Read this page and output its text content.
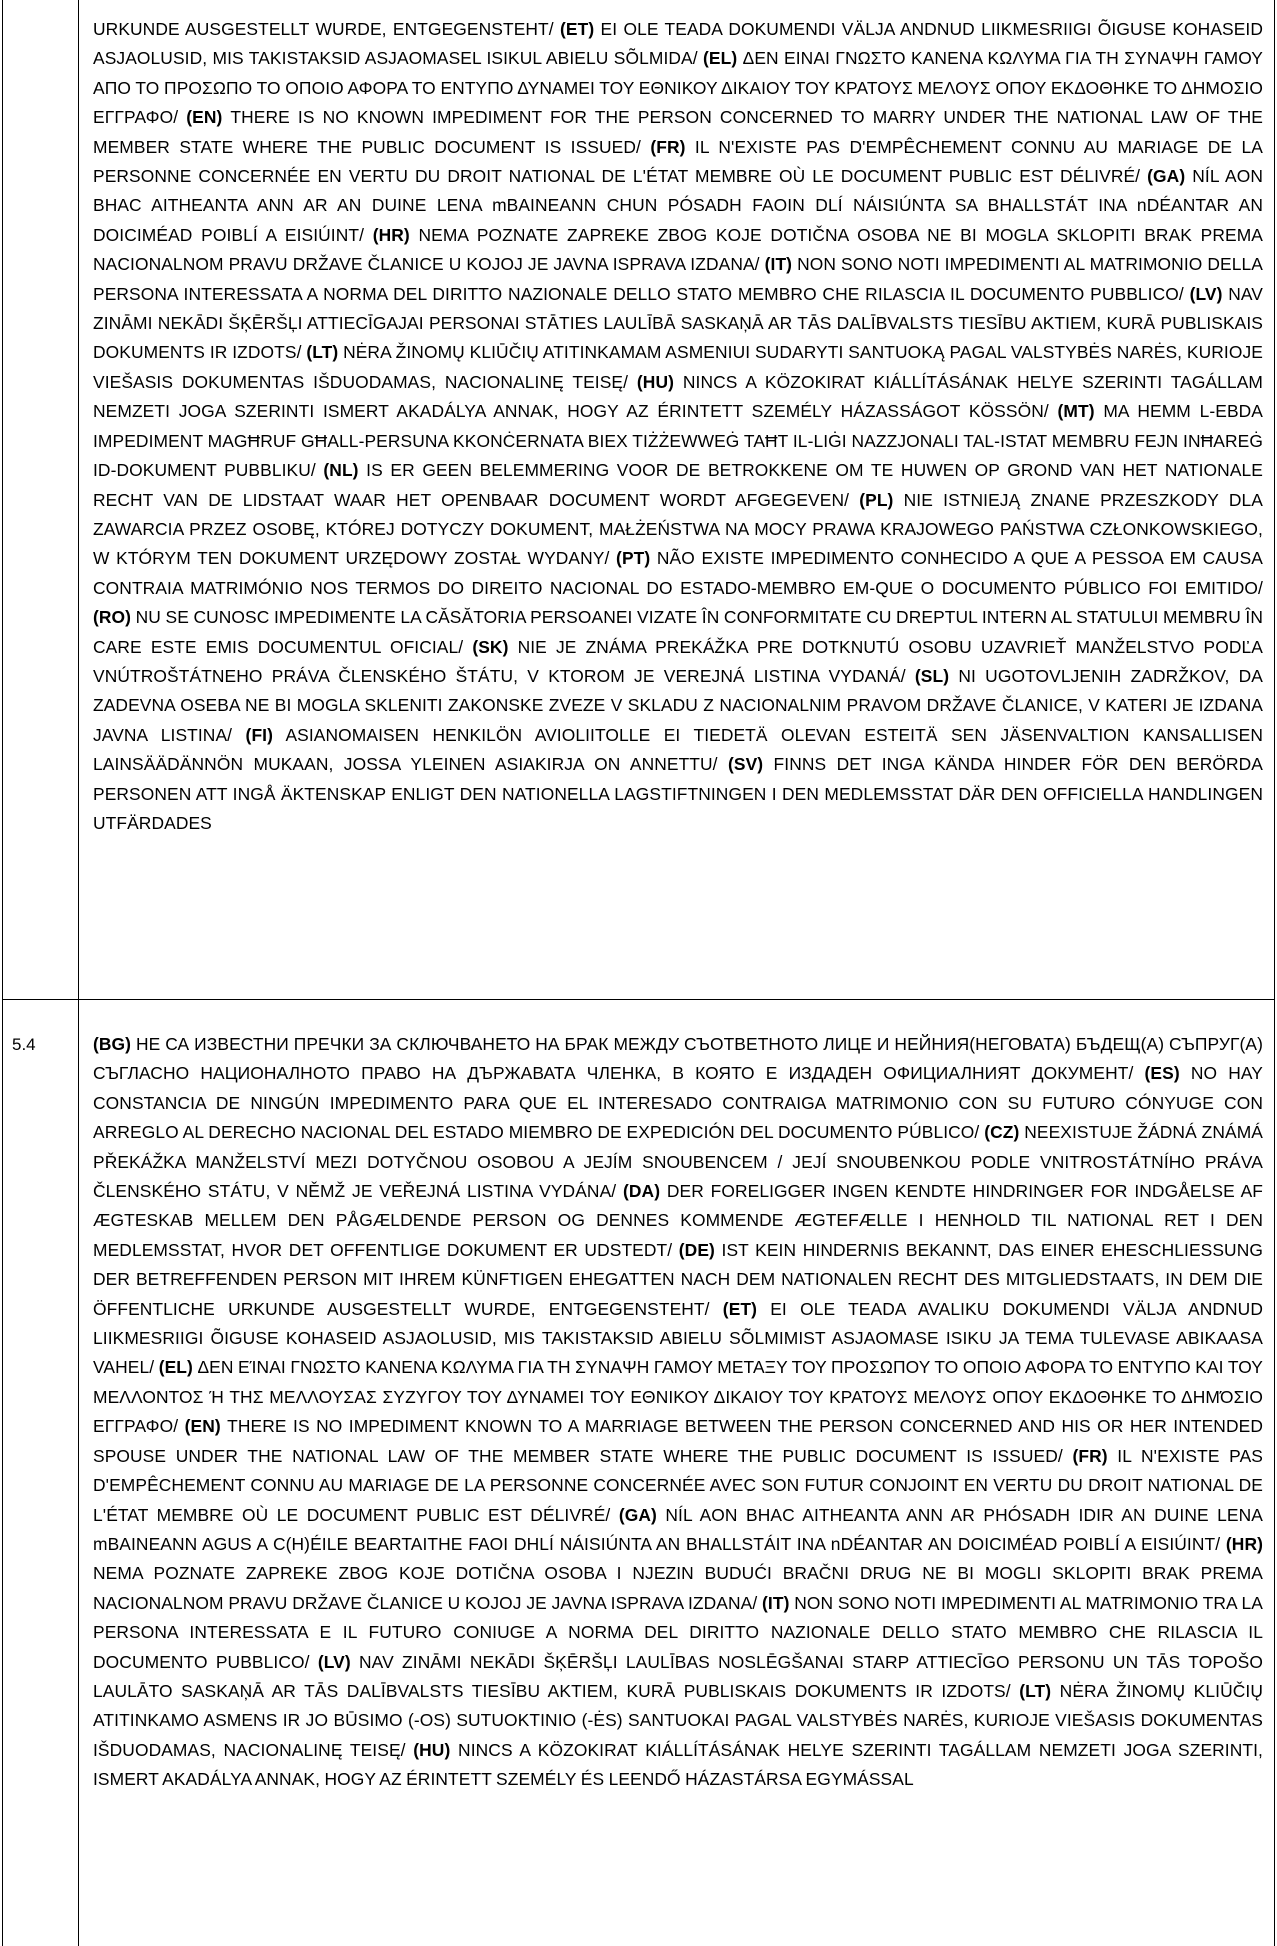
URKUNDE AUSGESTELLT WURDE, ENTGEGENSTEHT/ (ET) EI OLE TEADA DOKUMENDI VÄLJA ANDNUD LIIKMESRIIGI ÕIGUSE KOHASEID ASJAOLUSID, MIS TAKISTAKSID ASJAOMASEL ISIKUL ABIELU SÕLMIDA/ (EL) ΔΕΝ ΕΙΝΑΙ ΓΝΩΣΤΟ ΚΑΝΕΝΑ ΚΩΛΥΜΑ ΓΙΑ ΤΗ ΣΥΝΑΨΗ ΓΑΜΟΥ ΑΠΟ ΤΟ ΠΡΟΣΩΠΟ ΤΟ ΟΠΟΙΟ ΑΦΟΡΑ ΤΟ ΕΝΤΥΠΟ ΔΥΝΑΜΕΙ ΤΟΥ ΕΘΝΙΚΟΥ ΔΙΚΑΙΟΥ ΤΟΥ ΚΡΑΤΟΥΣ ΜΕΛΟΥΣ ΟΠΟΥ ΕΚΔΟΘΗΚΕ ΤΟ ΔΗΜΟΣΙΟ ΕΓΓΡΑΦΟ/ (EN) THERE IS NO KNOWN IMPEDIMENT FOR THE PERSON CONCERNED TO MARRY UNDER THE NATIONAL LAW OF THE MEMBER STATE WHERE THE PUBLIC DOCUMENT IS ISSUED/ (FR) IL N'EXISTE PAS D'EMPÊCHEMENT CONNU AU MARIAGE DE LA PERSONNE CONCERNÉE EN VERTU DU DROIT NATIONAL DE L'ÉTAT MEMBRE OÙ LE DOCUMENT PUBLIC EST DÉLIVRÉ/ (GA) NÍL AON BHAC AITHEANTA ANN AR AN DUINE LENA mBAINEANN CHUN PÓSADH FAOIN DLÍ NÁISIÚNTA SA BHALLSTÁT INA nDÉANTAR AN DOICIMÉAD POIBLÍ A EISIÚINT/ (HR) NEMA POZNATE ZAPREKE ZBOG KOJE DOTIČNA OSOBA NE BI MOGLA SKLOPITI BRAK PREMA NACIONALNOM PRAVU DRŽAVE ČLANICE U KOJOJ JE JAVNA ISPRAVA IZDANA/ (IT) NON SONO NOTI IMPEDIMENTI AL MATRIMONIO DELLA PERSONA INTERESSATA A NORMA DEL DIRITTO NAZIONALE DELLO STATO MEMBRO CHE RILASCIA IL DOCUMENTO PUBBLICO/ (LV) NAV ZINĀMI NEKĀDI ŠĶĒRŠĻI ATTIECĪGAJAI PERSONAI STĀTIES LAULĪBĀ SASKAŅĀ AR TĀS DALĪBVALSTS TIESĪBU AKTIEM, KURĀ PUBLISKAIS DOKUMENTS IR IZDOTS/ (LT) NĖRA ŽINOMŲ KLIŪČIŲ ATITINKAMAM ASMENIUI SUDARYTI SANTUOKĄ PAGAL VALSTYBĖS NARĖS, KURIOJE VIEŠASIS DOKUMENTAS IŠDUODAMAS, NACIONALINĘ TEISĘ/ (HU) NINCS A KÖZOKIRAT KIÁLLÍTÁSÁNAK HELYE SZERINTI TAGÁLLAM NEMZETI JOGA SZERINTI ISMERT AKADÁLYA ANNAK, HOGY AZ ÉRINTETT SZEMÉLY HÁZASSÁGOT KÖSSÖN/ (MT) MA HEMM L-EBDA IMPEDIMENT MAGĦRUF GĦALL-PERSUNA KKONĊERNATA BIEX TIŻŻEWWEĠ TAĦT IL-LIĠI NAZZJONALI TAL-ISTAT MEMBRU FEJN INĦAREĠ ID-DOKUMENT PUBBLIKU/ (NL) IS ER GEEN BELEMMERING VOOR DE BETROKKENE OM TE HUWEN OP GROND VAN HET NATIONALE RECHT VAN DE LIDSTAAT WAAR HET OPENBAAR DOCUMENT WORDT AFGEGEVEN/ (PL) NIE ISTNIEJĄ ZNANE PRZESZKODY DLA ZAWARCIA PRZEZ OSOBĘ, KTÓREJ DOTYCZY DOKUMENT, MAŁŻEŃSTWA NA MOCY PRAWA KRAJOWEGO PAŃSTWA CZŁONKOWSKIEGO, W KTÓRYM TEN DOKUMENT URZĘDOWY ZOSTAŁ WYDANY/ (PT) NÃO EXISTE IMPEDIMENTO CONHECIDO A QUE A PESSOA EM CAUSA CONTRAIA MATRIMÓNIO NOS TERMOS DO DIREITO NACIONAL DO ESTADO-MEMBRO EM-QUE O DOCUMENTO PÚBLICO FOI EMITIDO/ (RO) NU SE CUNOSC IMPEDIMENTE LA CĂSĂTORIA PERSOANEI VIZATE ÎN CONFORMITATE CU DREPTUL INTERN AL STATULUI MEMBRU ÎN CARE ESTE EMIS DOCUMENTUL OFICIAL/ (SK) NIE JE ZNÁMA PREKÁŽKA PRE DOTKNUTÚ OSOBU UZAVRIEŤ MANŽELSTVO PODĽA VNÚTROŠTÁTNEHO PRÁVA ČLENSKÉHO ŠTÁTU, V KTOROM JE VEREJNÁ LISTINA VYDANÁ/ (SL) NI UGOTOVLJENIH ZADRŽKOV, DA ZADEVNA OSEBA NE BI MOGLA SKLENITI ZAKONSKE ZVEZE V SKLADU Z NACIONALNIM PRAVOM DRŽAVE ČLANICE, V KATERI JE IZDANA JAVNA LISTINA/ (FI) ASIANOMAISEN HENKILÖN AVIOLIITOLLE EI TIEDETÄ OLEVAN ESTEITÄ SEN JÄSENVALTION KANSALLISEN LAINSÄÄDÄNNÖN MUKAAN, JOSSA YLEINEN ASIAKIRJA ON ANNETTU/ (SV) FINNS DET INGA KÄNDA HINDER FÖR DEN BERÖRDA PERSONEN ATT INGÅ ÄKTENSKAP ENLIGT DEN NATIONELLA LAGSTIFTNINGEN I DEN MEDLEMSSTAT DÄR DEN OFFICIELLA HANDLINGEN UTFÄRDADES

5.4	(BG) НЕ СА ИЗВЕСТНИ ПРЕЧКИ ЗА СКЛЮЧВАНЕТО НА БРАК МЕЖДУ СЪОТВЕТНОТО ЛИЦЕ И НЕЙНИЯ(НЕГОВАТА) БЪДЕЩ(А) СЪПРУГ(А) СЪГЛАСНО НАЦИОНАЛНОТО ПРАВО НА ДЪРЖАВАТА ЧЛЕНКА, В КОЯТО Е ИЗДАДЕН ОФИЦИАЛНИЯТ ДОКУМЕНТ/ (ES) NO HAY CONSTANCIA DE NINGÚN IMPEDIMENTO PARA QUE EL INTERESADO CONTRAIGA MATRIMONIO CON SU FUTURO CÓNYUGE CON ARREGLO AL DERECHO NACIONAL DEL ESTADO MIEMBRO DE EXPEDICIÓN DEL DOCUMENTO PÚBLICO/ (CZ) NEEXISTUJE ŽÁDNÁ ZNÁMÁ PŘEKÁŽKA MANŽELSTVÍ MEZI DOTYČNOU OSOBOU A JEJÍM SNOUBENCEM / JEJÍ SNOUBENKOU PODLE VNITROSTÁTNÍHO PRÁVA ČLENSKÉHO STÁTU, V NĚMŽ JE VEŘEJNÁ LISTINA VYDÁNA/ (DA) DER FORELIGGER INGEN KENDTE HINDRINGER FOR INDGÅELSE AF ÆGTESKAB MELLEM DEN PÅGÆLDENDE PERSON OG DENNES KOMMENDE ÆGTEFÆLLE I HENHOLD TIL NATIONAL RET I DEN MEDLEMSSTAT, HVOR DET OFFENTLIGE DOKUMENT ER UDSTEDT/ (DE) IST KEIN HINDERNIS BEKANNT, DAS EINER EHESCHLIESSUNG DER BETREFFENDEN PERSON MIT IHREM KÜNFTIGEN EHEGATTEN NACH DEM NATIONALEN RECHT DES MITGLIEDSTAATS, IN DEM DIE ÖFFENTLICHE URKUNDE AUSGESTELLT WURDE, ENTGEGENSTEHT/ (ET) EI OLE TEADA AVALIKU DOKUMENDI VÄLJA ANDNUD LIIKMESRIIGI ÕIGUSE KOHASEID ASJAOLUSID, MIS TAKISTAKSID ABIELU SÕLMIMIST ASJAOMASE ISIKU JA TEMA TULEVASE ABIKAASA VAHEL/ (EL) ΔΕΝ ΕΊΝΑΙ ΓΝΩΣΤΟ ΚΑΝΕΝΑ ΚΩΛΥΜΑ ΓΙΑ ΤΗ ΣΥΝΑΨΗ ΓΑΜΟΥ ΜΕΤΑΞΥ ΤΟΥ ΠΡΟΣΩΠΟΥ ΤΟ ΟΠΟΙΟ ΑΦΟΡΑ ΤΟ ΕΝΤΥΠΟ ΚΑΙ ΤΟΥ ΜΕΛΛΟΝΤΟΣ Ή ΤΗΣ ΜΕΛΛΟΥΣΑΣ ΣΥΖΥΓΟΥ ΤΟΥ ΔΥΝΑΜΕΙ ΤΟΥ ΕΘΝΙΚΟΥ ΔΙΚΑΙΟΥ ΤΟΥ ΚΡΑΤΟΥΣ ΜΕΛΟΥΣ ΟΠΟΥ ΕΚΔΟΘΗΚΕ ΤΟ ΔΗΜΌΣΙΟ ΕΓΓΡΑΦΟ/ (EN) THERE IS NO IMPEDIMENT KNOWN TO A MARRIAGE BETWEEN THE PERSON CONCERNED AND HIS OR HER INTENDED SPOUSE UNDER THE NATIONAL LAW OF THE MEMBER STATE WHERE THE PUBLIC DOCUMENT IS ISSUED/ (FR) IL N'EXISTE PAS D'EMPÊCHEMENT CONNU AU MARIAGE DE LA PERSONNE CONCERNÉE AVEC SON FUTUR CONJOINT EN VERTU DU DROIT NATIONAL DE L'ÉTAT MEMBRE OÙ LE DOCUMENT PUBLIC EST DÉLIVRÉ/ (GA) NÍL AON BHAC AITHEANTA ANN AR PHÓSADH IDIR AN DUINE LENA mBAINEANN AGUS A C(H)ÉILE BEARTAITHE FAOI DHLÍ NÁISIÚNTA AN BHALLSTÁIT INA nDÉANTAR AN DOICIMÉAD POIBLÍ A EISIÚINT/ (HR) NEMA POZNATE ZAPREKE ZBOG KOJE DOTIČNA OSOBA I NJEZIN BUDUĆI BRAČNI DRUG NE BI MOGLI SKLOPITI BRAK PREMA NACIONALNOM PRAVU DRŽAVE ČLANICE U KOJOJ JE JAVNA ISPRAVA IZDANA/ (IT) NON SONO NOTI IMPEDIMENTI AL MATRIMONIO TRA LA PERSONA INTERESSATA E IL FUTURO CONIUGE A NORMA DEL DIRITTO NAZIONALE DELLO STATO MEMBRO CHE RILASCIA IL DOCUMENTO PUBBLICO/ (LV) NAV ZINĀMI NEKĀDI ŠĶĒRŠĻI LAULĪBAS NOSLĒGŠANAI STARP ATTIECĪGO PERSONU UN TĀS TOPOŠO LAULĀTO SASKAŅĀ AR TĀS DALĪBVALSTS TIESĪBU AKTIEM, KURĀ PUBLISKAIS DOKUMENTS IR IZDOTS/ (LT) NĖRA ŽINOMŲ KLIŪČIŲ ATITINKAMO ASMENS IR JO BŪSIMO (-OS) SUTUOKTINIO (-ĖS) SANTUOKAI PAGAL VALSTYBĖS NARĖS, KURIOJE VIEŠASIS DOKUMENTAS IŠDUODAMAS, NACIONALINĘ TEISĘ/ (HU) NINCS A KÖZOKIRAT KIÁLLÍTÁSÁNAK HELYE SZERINTI TAGÁLLAM NEMZETI JOGA SZERINTI, ISMERT AKADÁLYA ANNAK, HOGY AZ ÉRINTETT SZEMÉLY ÉS LEENDŐ HÁZASTÁRSA EGYMÁSSAL
